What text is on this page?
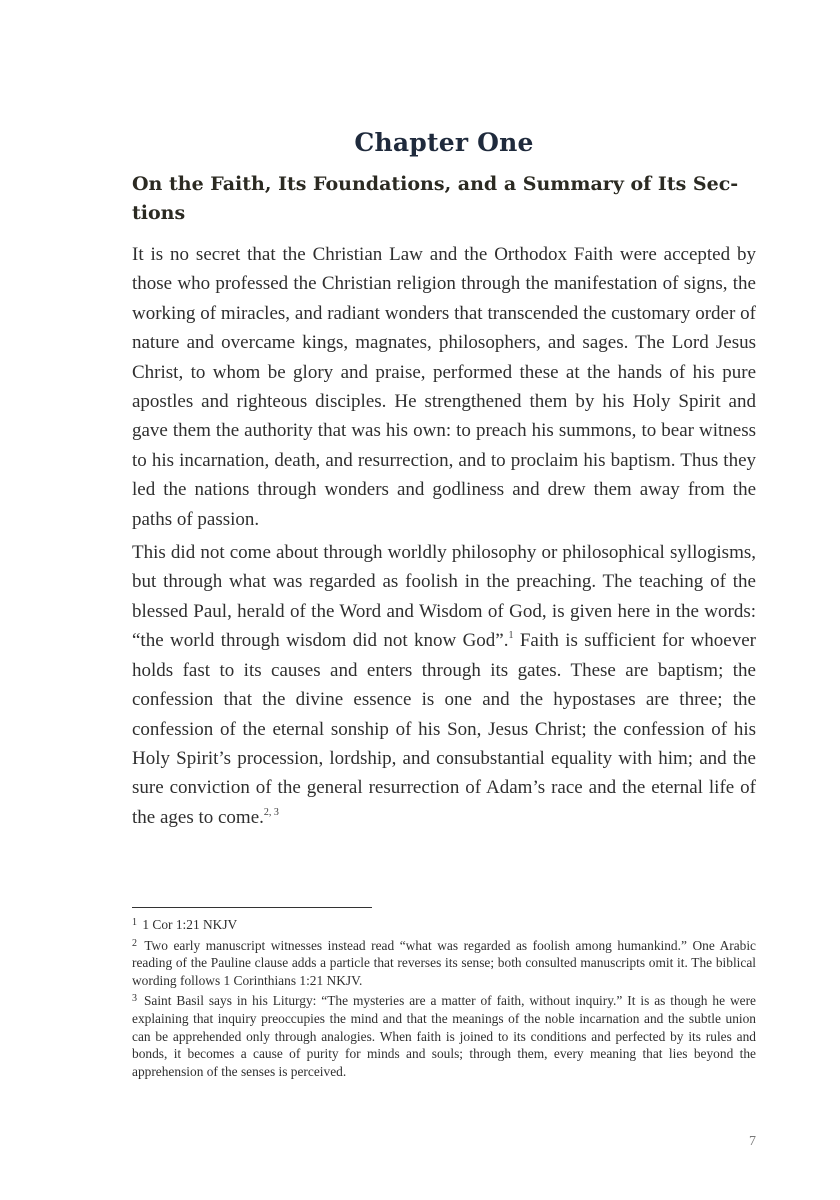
Chapter One
On the Faith, Its Foundations, and a Summary of Its Sec-
tions

It is no secret that the Christian Law and the Orthodox Faith were accepted by those who professed the Christian religion through the manifestation of signs, the working of miracles, and radiant wonders that transcended the customary order of nature and overcame kings, magnates, philosophers, and sages. The Lord Jesus Christ, to whom be glory and praise, performed these at the hands of his pure apostles and righteous disciples. He strengthened them by his Holy Spirit and gave them the authority that was his own: to preach his summons, to bear witness to his incarnation, death, and resurrection, and to proclaim his baptism. Thus they led the nations through wonders and godliness and drew them away from the paths of passion.

This did not come about through worldly philosophy or philosophical syllogisms, but through what was regarded as foolish in the preaching. The teaching of the blessed Paul, herald of the Word and Wisdom of God, is given here in the words: “the world through wisdom did not know God”.$^1$ Faith is sufficient for whoever holds fast to its causes and enters through its gates. These are baptism; the confession that the divine essence is one and the hypostases are three; the confession of the eternal sonship of his Son, Jesus Christ; the confession of his Holy Spirit’s procession, lordship, and consubstantial equality with him; and the sure conviction of the general resurrection of Adam’s race and the eternal life of the ages to come.$^{2, 3}$

$^1$ 1 Cor 1:21 NKJV
$^2$ Two early manuscript witnesses instead read “what was regarded as foolish among humankind.” One Arabic reading of the Pauline clause adds a particle that reverses its sense; both consulted manuscripts omit it. The biblical wording follows 1 Corinthians 1:21 NKJV.
$^3$ Saint Basil says in his Liturgy: “The mysteries are a matter of faith, without inquiry.” It is as though he were explaining that inquiry preoccupies the mind and that the meanings of the noble incarnation and the subtle union can be apprehended only through analogies. When faith is joined to its conditions and perfected by its rules and bonds, it becomes a cause of purity for minds and souls; through them, every meaning that lies beyond the apprehension of the senses is perceived.
7
